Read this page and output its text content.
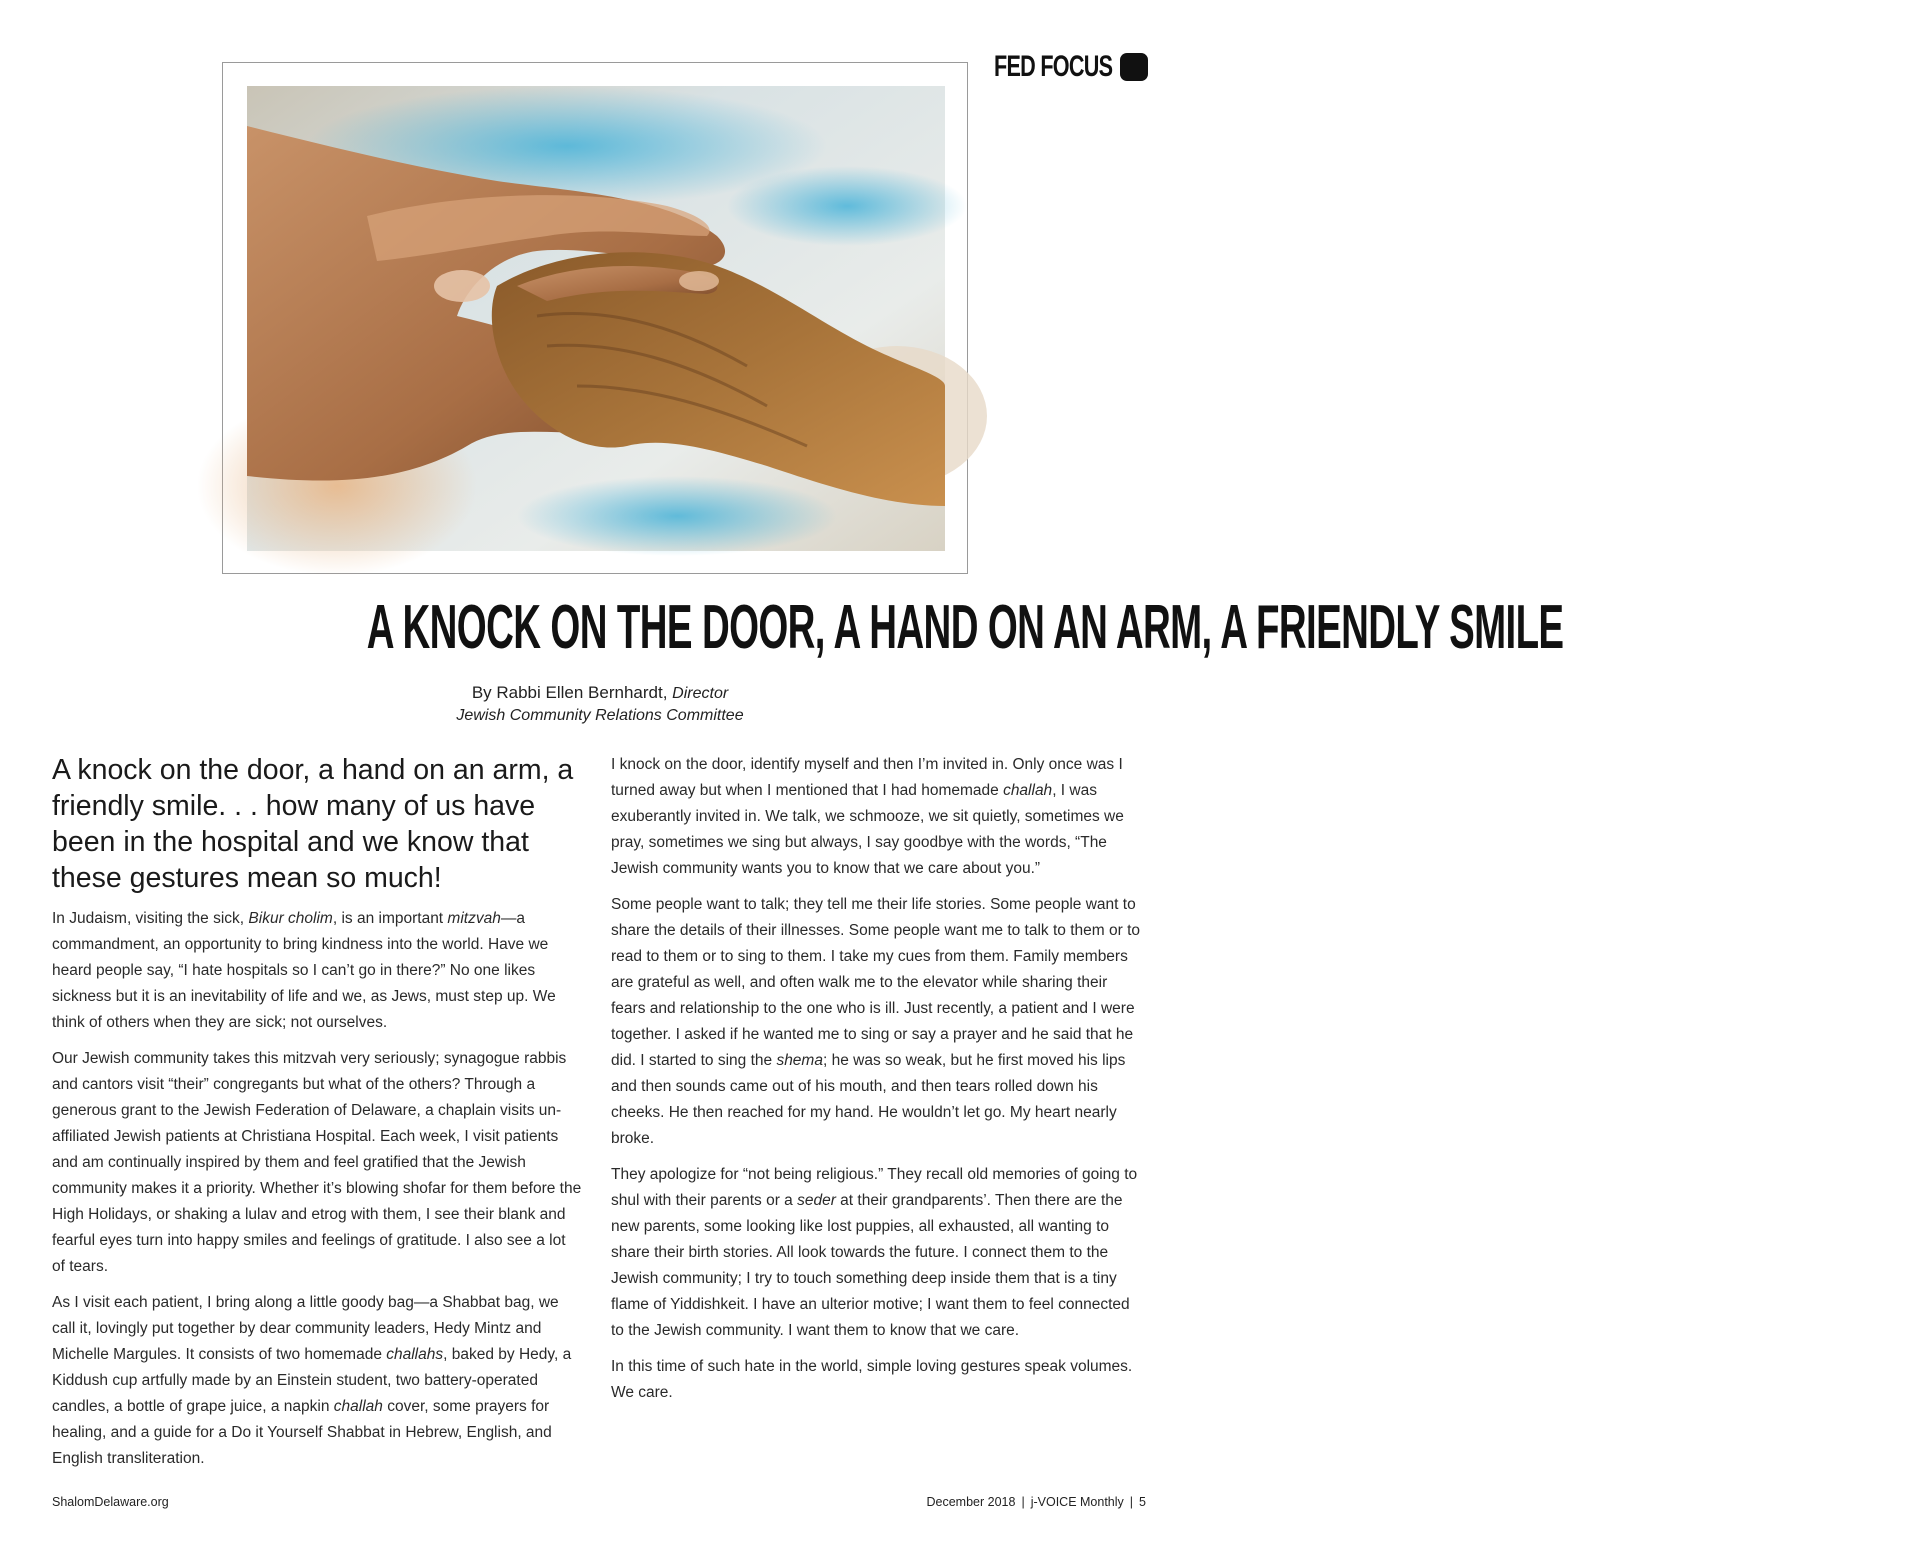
FED FOCUS
A KNOCK ON THE DOOR, A HAND ON AN ARM, A FRIENDLY SMILE
By Rabbi Ellen Bernhardt, Director
Jewish Community Relations Committee

A knock on the door, a hand on an arm, a friendly smile. . . how many of us have been in the hospital and we know that these gestures mean so much!

In Judaism, visiting the sick, Bikur cholim, is an important mitzvah—a commandment, an opportunity to bring kindness into the world. Have we heard people say, “I hate hospitals so I can’t go in there?” No one likes sickness but it is an inevitability of life and we, as Jews, must step up. We think of others when they are sick; not ourselves.

Our Jewish community takes this mitzvah very seriously; synagogue rabbis and cantors visit “their” congregants but what of the others? Through a generous grant to the Jewish Federation of Delaware, a chaplain visits un-affiliated Jewish patients at Christiana Hospital. Each week, I visit patients and am continually inspired by them and feel gratified that the Jewish community makes it a priority. Whether it’s blowing shofar for them before the High Holidays, or shaking a lulav and etrog with them, I see their blank and fearful eyes turn into happy smiles and feelings of gratitude. I also see a lot of tears.

As I visit each patient, I bring along a little goody bag—a Shabbat bag, we call it, lovingly put together by dear community leaders, Hedy Mintz and Michelle Margules. It consists of two homemade challahs, baked by Hedy, a Kiddush cup artfully made by an Einstein student, two battery-operated candles, a bottle of grape juice, a napkin challah cover, some prayers for healing, and a guide for a Do it Yourself Shabbat in Hebrew, English, and English transliteration.

I knock on the door, identify myself and then I’m invited in. Only once was I turned away but when I mentioned that I had homemade challah, I was exuberantly invited in. We talk, we schmooze, we sit quietly, sometimes we pray, sometimes we sing but always, I say goodbye with the words, “The Jewish community wants you to know that we care about you.”

Some people want to talk; they tell me their life stories. Some people want to share the details of their illnesses. Some people want me to talk to them or to read to them or to sing to them. I take my cues from them. Family members are grateful as well, and often walk me to the elevator while sharing their fears and relationship to the one who is ill. Just recently, a patient and I were together. I asked if he wanted me to sing or say a prayer and he said that he did. I started to sing the shema; he was so weak, but he first moved his lips and then sounds came out of his mouth, and then tears rolled down his cheeks. He then reached for my hand. He wouldn’t let go. My heart nearly broke.

They apologize for “not being religious.” They recall old memories of going to shul with their parents or a seder at their grandparents’. Then there are the new parents, some looking like lost puppies, all exhausted, all wanting to share their birth stories. All look towards the future. I connect them to the Jewish community; I try to touch something deep inside them that is a tiny flame of Yiddishkeit. I have an ulterior motive; I want them to feel connected to the Jewish community. I want them to know that we care.

In this time of such hate in the world, simple loving gestures speak volumes. We care.

ShalomDelaware.org	December 2018 | j-VOICE Monthly | 5
